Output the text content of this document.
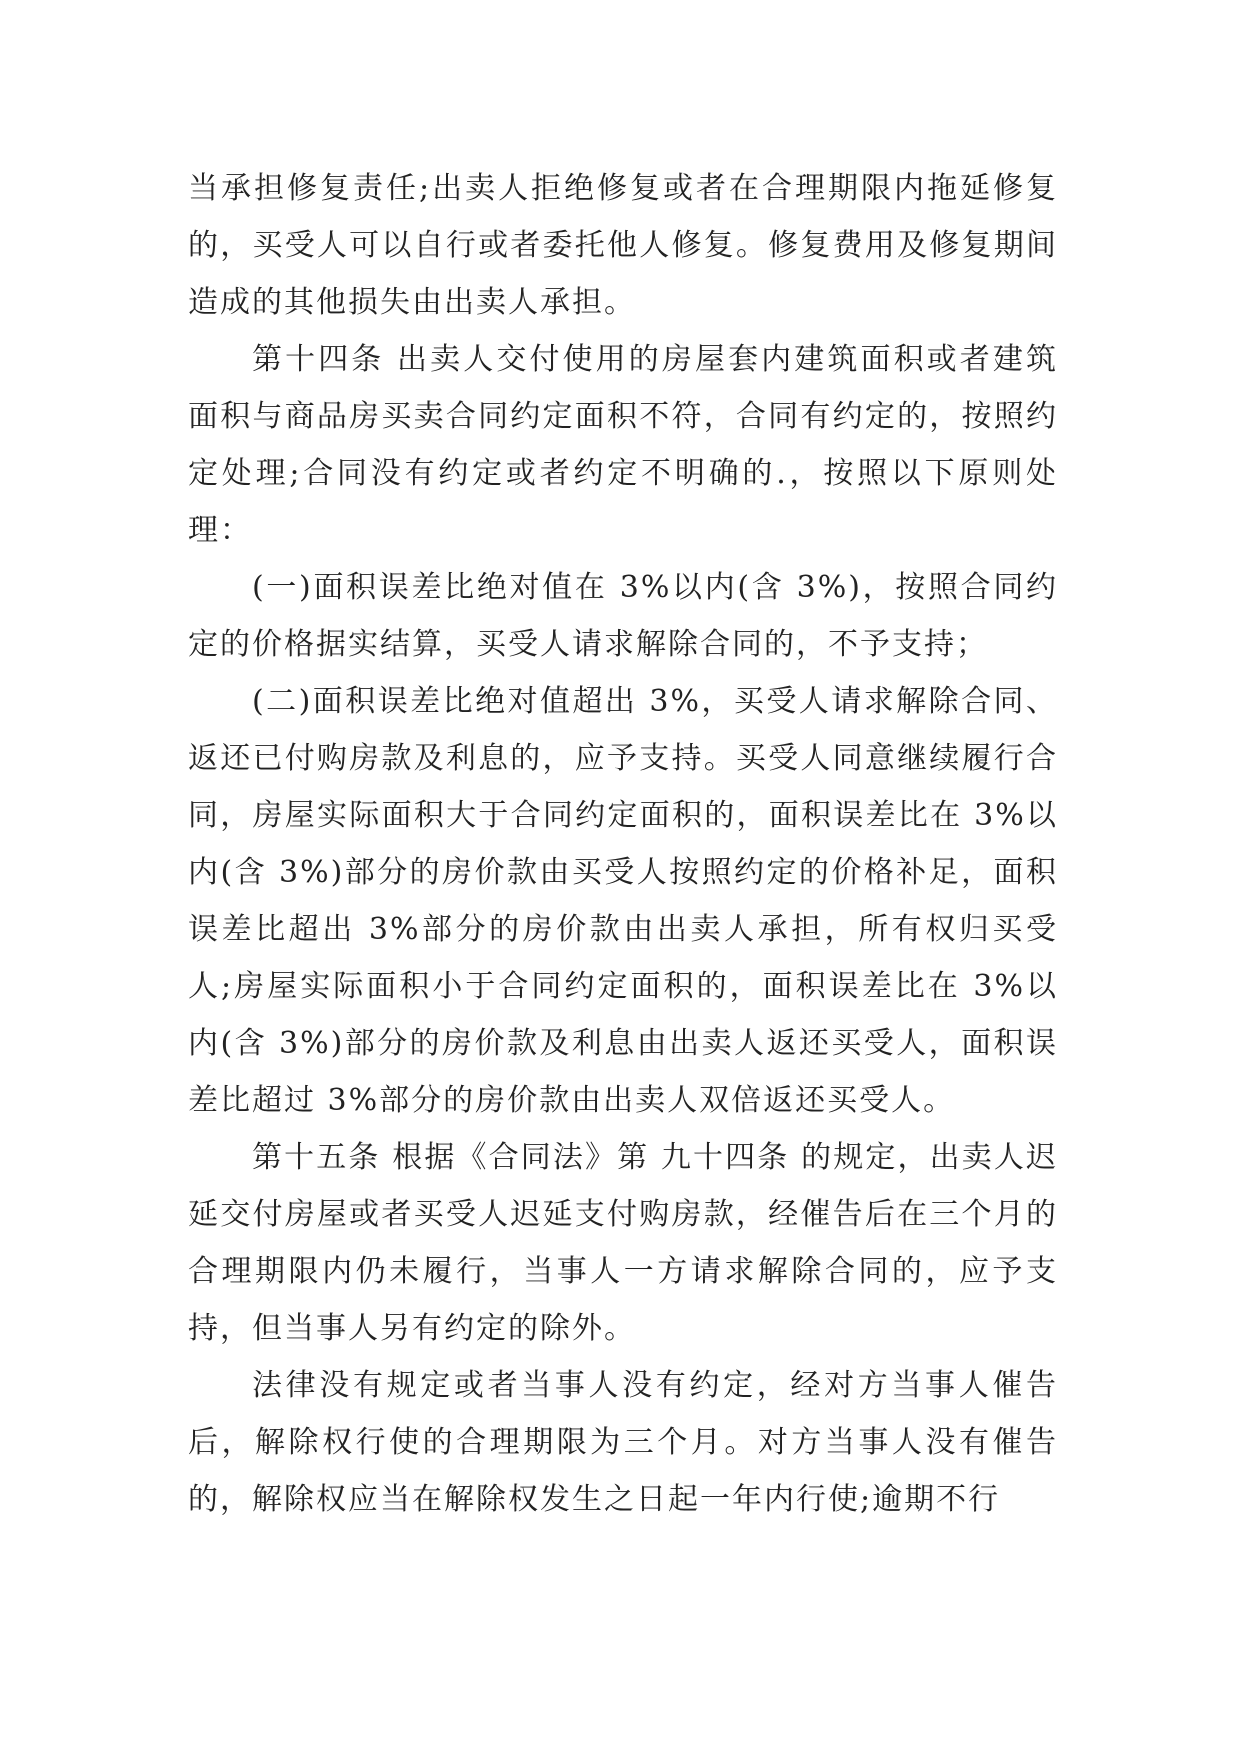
当承担修复责任;出卖人拒绝修复或者在合理期限内拖延修复的，买受人可以自行或者委托他人修复。修复费用及修复期间造成的其他损失由出卖人承担。

第十四条 出卖人交付使用的房屋套内建筑面积或者建筑面积与商品房买卖合同约定面积不符，合同有约定的，按照约定处理;合同没有约定或者约定不明确的.，按照以下原则处理：

(一)面积误差比绝对值在 3%以内(含 3%)，按照合同约定的价格据实结算，买受人请求解除合同的，不予支持；

(二)面积误差比绝对值超出 3%，买受人请求解除合同、返还已付购房款及利息的，应予支持。买受人同意继续履行合同，房屋实际面积大于合同约定面积的，面积误差比在 3%以内(含 3%)部分的房价款由买受人按照约定的价格补足，面积误差比超出 3%部分的房价款由出卖人承担，所有权归买受人;房屋实际面积小于合同约定面积的，面积误差比在 3%以内(含 3%)部分的房价款及利息由出卖人返还买受人，面积误差比超过 3%部分的房价款由出卖人双倍返还买受人。

第十五条 根据《合同法》第 九十四条 的规定，出卖人迟延交付房屋或者买受人迟延支付购房款，经催告后在三个月的合理期限内仍未履行，当事人一方请求解除合同的，应予支持，但当事人另有约定的除外。

法律没有规定或者当事人没有约定，经对方当事人催告后，解除权行使的合理期限为三个月。对方当事人没有催告的，解除权应当在解除权发生之日起一年内行使;逾期不行
